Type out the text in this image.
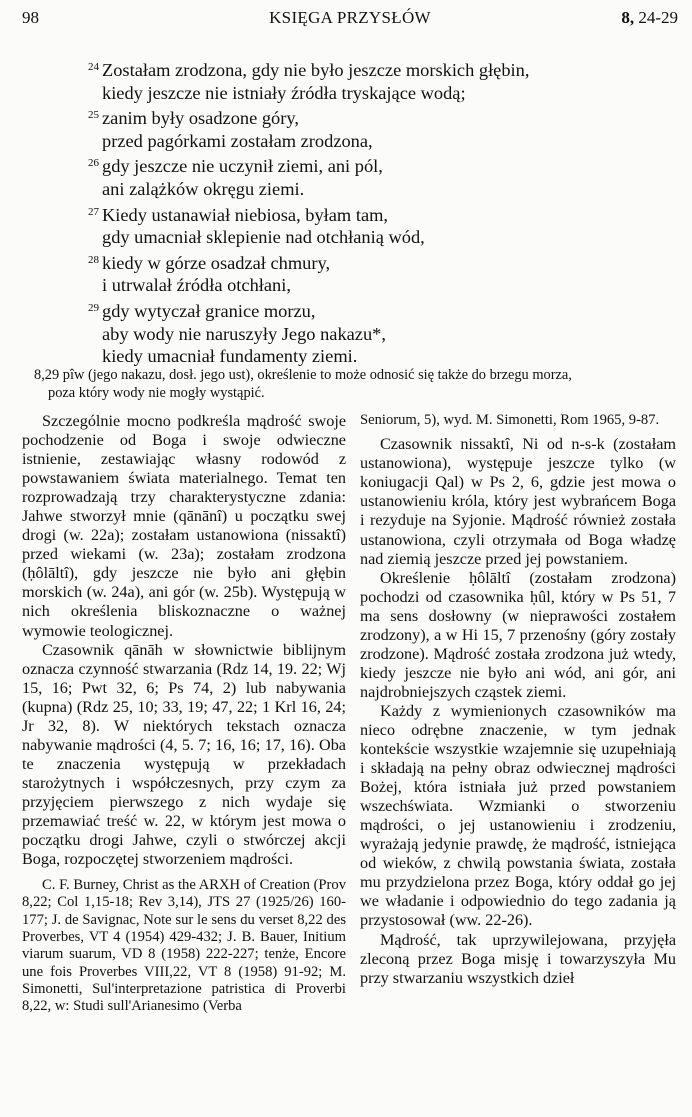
98	KSIĘGA PRZYSŁÓW	8, 24-29
$^{24}$ Zostałam zrodzona, gdy nie było jeszcze morskich głębin,
kiedy jeszcze nie istniały źródła tryskające wodą;
$^{25}$ zanim były osadzone góry,
przed pagórkami zostałam zrodzona,
$^{26}$ gdy jeszcze nie uczynił ziemi, ani pól,
ani zalążków okręgu ziemi.
$^{27}$ Kiedy ustanawiał niebiosa, byłam tam,
gdy umacniał sklepienie nad otchłanią wód,
$^{28}$ kiedy w górze osadzał chmury,
i utrwalał źródła otchłani,
$^{29}$ gdy wytyczał granice morzu,
aby wody nie naruszyły Jego nakazu*,
kiedy umacniał fundamenty ziemi.
8,29 pîw (jego nakazu, dosł. jego ust), określenie to może odnosić się także do brzegu morza,
poza który wody nie mogły wystąpić.

Szczególnie mocno podkreśla mądrość swoje pochodzenie od Boga i swoje odwieczne istnienie, zestawiając własny rodowód z powstawaniem świata materialnego. Temat ten rozprowadzają trzy charakterystyczne zdania: Jahwe stworzył mnie (qānānî) u początku swej drogi (w. 22a); zostałam ustanowiona (nissaktî) przed wiekami (w. 23a); zostałam zrodzona (ḥôlāltî), gdy jeszcze nie było ani głębin morskich (w. 24a), ani gór (w. 25b). Występują w nich określenia bliskoznaczne o ważnej wymowie teologicznej.

Czasownik qānāh w słownictwie biblijnym oznacza czynność stwarzania (Rdz 14, 19. 22; Wj 15, 16; Pwt 32, 6; Ps 74, 2) lub nabywania (kupna) (Rdz 25, 10; 33, 19; 47, 22; 1 Krl 16, 24; Jr 32, 8). W niektórych tekstach oznacza nabywanie mądrości (4, 5. 7; 16, 16; 17, 16). Oba te znaczenia występują w przekładach starożytnych i współczesnych, przy czym za przyjęciem pierwszego z nich wydaje się przemawiać treść w. 22, w którym jest mowa o początku drogi Jahwe, czyli o stwórczej akcji Boga, rozpoczętej stworzeniem mądrości.

C. F. Burney, Christ as the ARXH of Creation (Prov 8,22; Col 1,15-18; Rev 3,14), JTS 27 (1925/26) 160-177; J. de Savignac, Note sur le sens du verset 8,22 des Proverbes, VT 4 (1954) 429-432; J. B. Bauer, Initium viarum suarum, VD 8 (1958) 222-227; tenże, Encore une fois Proverbes VIII,22, VT 8 (1958) 91-92; M. Simonetti, Sul'interpretazione patristica di Proverbi 8,22, w: Studi sull'Arianesimo (Verba

Seniorum, 5), wyd. M. Simonetti, Rom 1965, 9-87.

Czasownik nissaktî, Ni od n-s-k (zostałam ustanowiona), występuje jeszcze tylko (w koniugacji Qal) w Ps 2, 6, gdzie jest mowa o ustanowieniu króla, który jest wybrańcem Boga i rezyduje na Syjonie. Mądrość również została ustanowiona, czyli otrzymała od Boga władzę nad ziemią jeszcze przed jej powstaniem.

Określenie ḥôlāltî (zostałam zrodzona) pochodzi od czasownika ḥûl, który w Ps 51, 7 ma sens dosłowny (w nieprawości zostałem zrodzony), a w Hi 15, 7 przenośny (góry zostały zrodzone). Mądrość została zrodzona już wtedy, kiedy jeszcze nie było ani wód, ani gór, ani najdrobniejszych cząstek ziemi.

Każdy z wymienionych czasowników ma nieco odrębne znaczenie, w tym jednak kontekście wszystkie wzajemnie się uzupełniają i składają na pełny obraz odwiecznej mądrości Bożej, która istniała już przed powstaniem wszechświata. Wzmianki o stworzeniu mądrości, o jej ustanowieniu i zrodzeniu, wyrażają jedynie prawdę, że mądrość, istniejąca od wieków, z chwilą powstania świata, została mu przydzielona przez Boga, który oddał go jej we władanie i odpowiednio do tego zadania ją przystosował (ww. 22-26).

Mądrość, tak uprzywilejowana, przyjęła zleconą przez Boga misję i towarzyszyła Mu przy stwarzaniu wszystkich dzieł
